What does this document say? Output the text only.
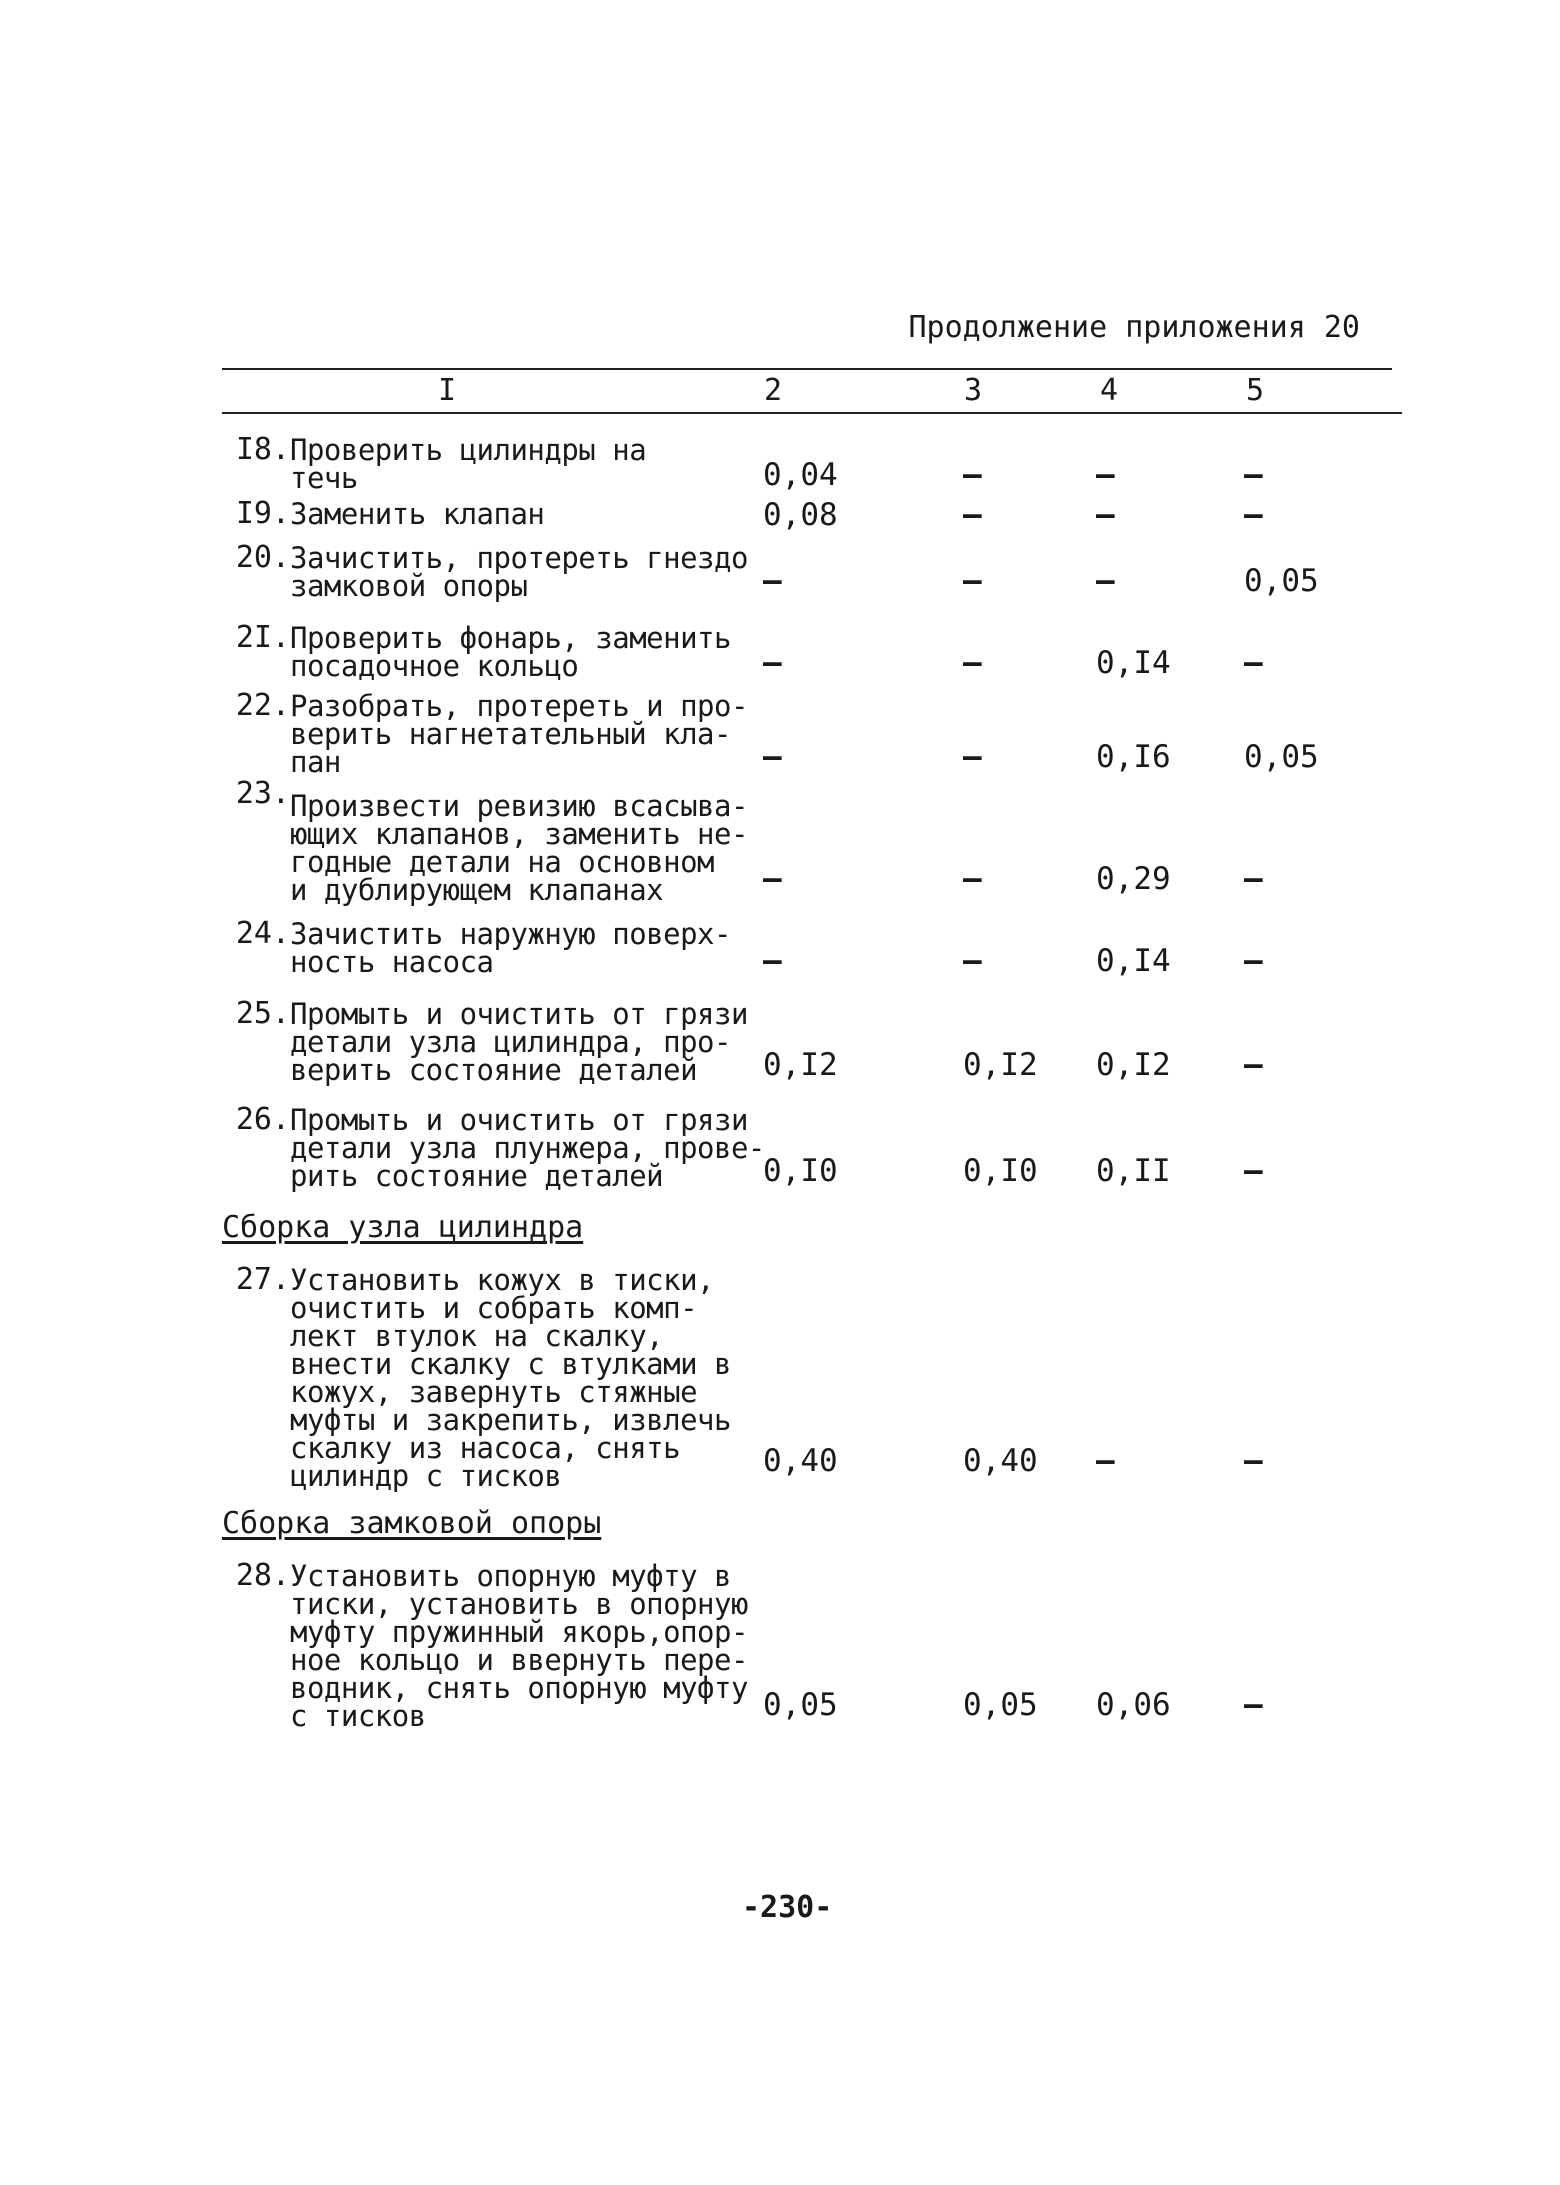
Продолжение приложения 20
I	2	3	4	5
I8. Проверить цилиндры на
течь	0,04	–	–	–
I9. Заменить клапан	0,08	–	–	–
20. Зачистить, протереть гнездо
замковой опоры	–	–	–	0,05
2I. Проверить фонарь, заменить
посадочное кольцо	–	–	0,I4 –
22. Разобрать, протереть и про-
верить нагнетательный кла-
пан	–	–	0,I6 0,05
23. Произвести ревизию всасыва-
ющих клапанов, заменить не-
годные детали на основном
и дублирующем клапанах	–	–	0,29 –
24. Зачистить наружную поверх-
ность насоса	–	–	0,I4 –
25. Промыть и очистить от грязи
детали узла цилиндра, про-
верить состояние деталей	0,I2	0,I2 0,I2 –
26. Промыть и очистить от грязи
детали узла плунжера, прове-
рить состояние деталей	0,I0	0,I0 0,II –
Сборка узла цилиндра
27. Установить кожух в тиски,
очистить и собрать комп-
лект втулок на скалку,
внести скалку с втулками в
кожух, завернуть стяжные
муфты и закрепить, извлечь
скалку из насоса, снять
цилиндр с тисков	0,40	0,40 –	–
Сборка замковой опоры
28. Установить опорную муфту в
тиски, установить в опорную
муфту пружинный якорь,опор-
ное кольцо и ввернуть пере-
водник, снять опорную муфту
с тисков	0,05	0,05 0,06 –
-230-
